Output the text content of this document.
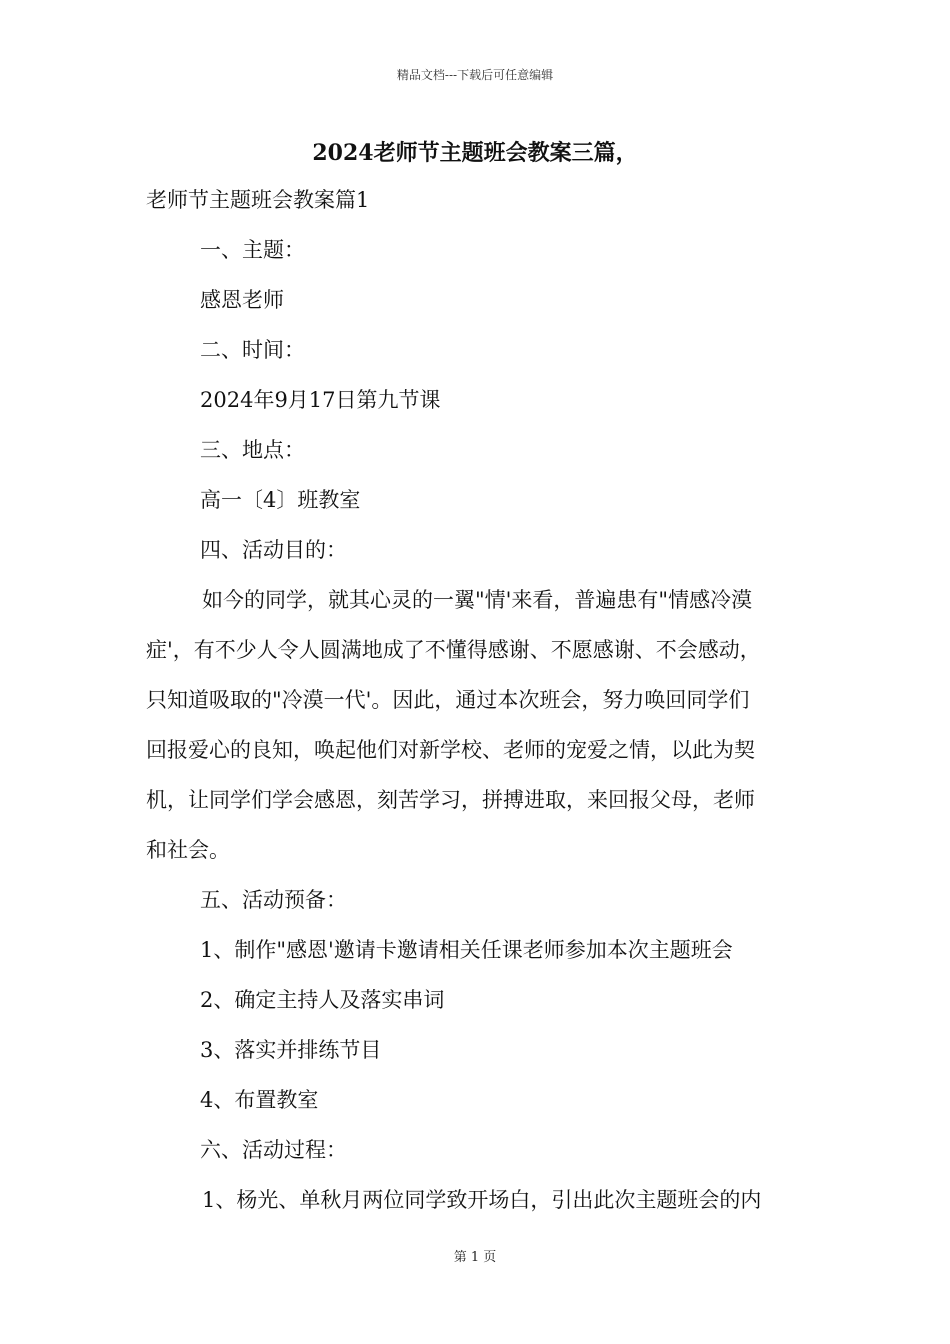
精品文档---下载后可任意编辑
2024老师节主题班会教案三篇，
老师节主题班会教案篇1
一、主题：
感恩老师
二、时间：
2024年9月17日第九节课
三、地点：
高一〔4〕班教室
四、活动目的：
如今的同学，就其心灵的一翼"情'来看，普遍患有"情感冷漠
症'，有不少人令人圆满地成了不懂得感谢、不愿感谢、不会感动，
只知道吸取的"冷漠一代'。因此，通过本次班会，努力唤回同学们
回报爱心的良知，唤起他们对新学校、老师的宠爱之情，以此为契
机，让同学们学会感恩，刻苦学习，拼搏进取，来回报父母，老师
和社会。
五、活动预备：
1、制作"感恩'邀请卡邀请相关任课老师参加本次主题班会
2、确定主持人及落实串词
3、落实并排练节目
4、布置教室
六、活动过程：
1、杨光、单秋月两位同学致开场白，引出此次主题班会的内
第 1 页
